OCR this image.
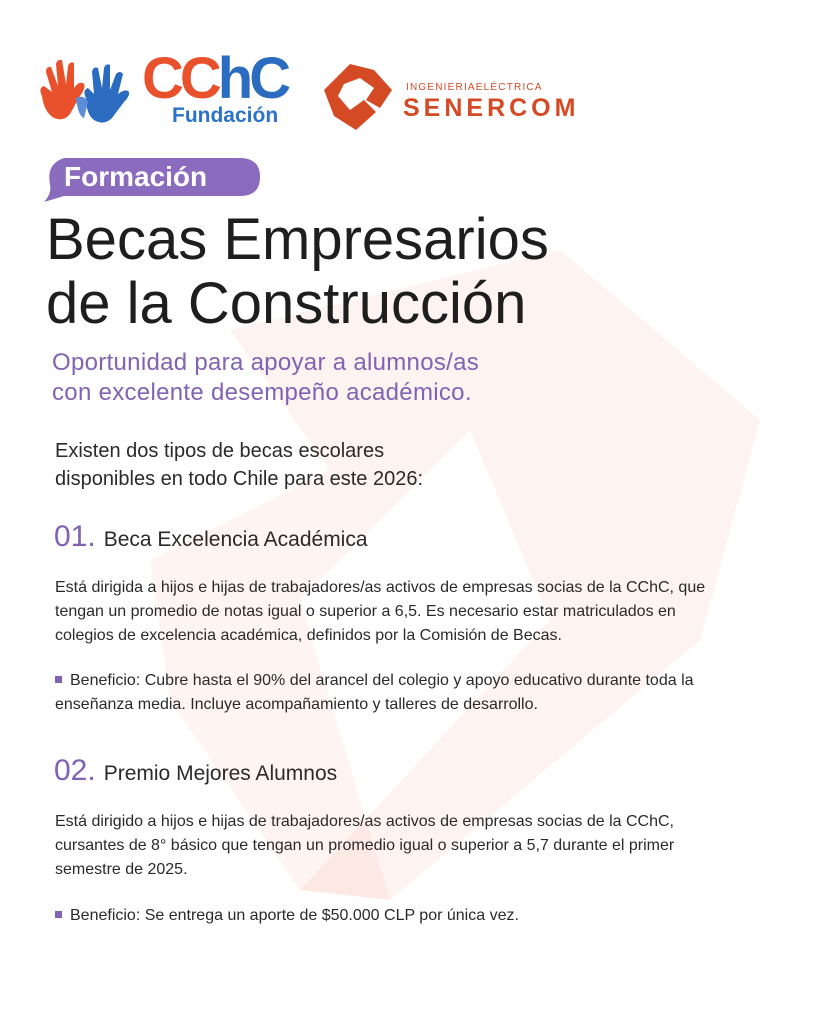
CChC
Fundación
INGENIERIAELÉCTRICA
SENERCOM
Formación
Becas Empresarios
de la Construcción
Oportunidad para apoyar a alumnos/as
con excelente desempeño académico.
Existen dos tipos de becas escolares
disponibles en todo Chile para este 2026:
01. Beca Excelencia Académica
Está dirigida a hijos e hijas de trabajadores/as activos de empresas socias de la CChC, que
tengan un promedio de notas igual o superior a 6,5. Es necesario estar matriculados en
colegios de excelencia académica, definidos por la Comisión de Becas.
Beneficio: Cubre hasta el 90% del arancel del colegio y apoyo educativo durante toda la
enseñanza media. Incluye acompañamiento y talleres de desarrollo.
02. Premio Mejores Alumnos
Está dirigido a hijos e hijas de trabajadores/as activos de empresas socias de la CChC,
cursantes de 8° básico que tengan un promedio igual o superior a 5,7 durante el primer
semestre de 2025.
Beneficio: Se entrega un aporte de $50.000 CLP por única vez.
